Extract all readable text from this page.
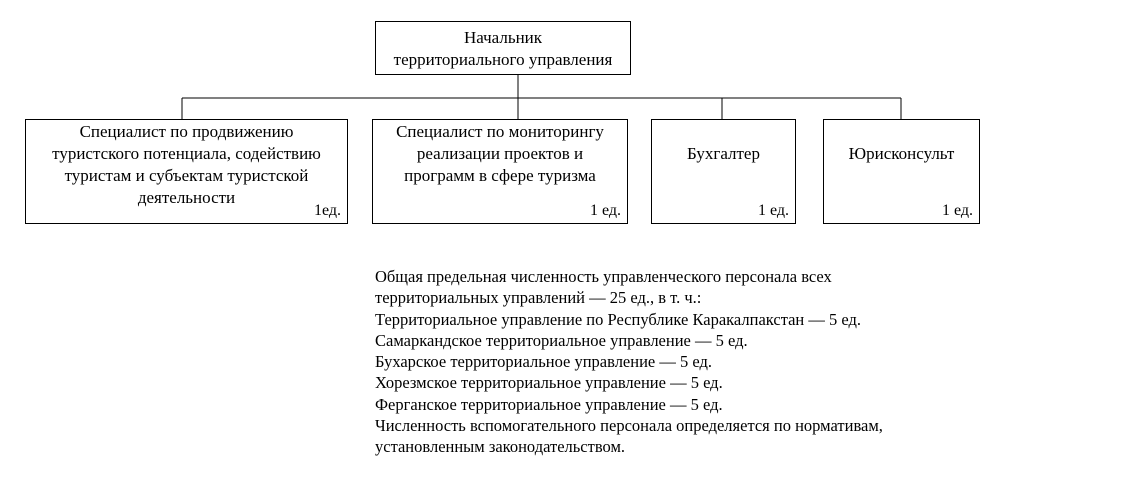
Начальник
территориального управления
Специалист по продвижению
туристского потенциала, содействию
туристам и субъектам туристской
деятельности
1ед.
Специалист по мониторингу
реализации проектов и
программ в сфере туризма
1 ед.
Бухгалтер
1 ед.
Юрисконсульт
1 ед.
Общая предельная численность управленческого персонала всех
территориальных управлений — 25 ед., в т. ч.:
Территориальное управление по Республике Каракалпакстан — 5 ед.
Самаркандское территориальное управление — 5 ед.
Бухарское территориальное управление — 5 ед.
Хорезмское территориальное управление — 5 ед.
Ферганское территориальное управление — 5 ед.
Численность вспомогательного персонала определяется по нормативам,
установленным законодательством.
